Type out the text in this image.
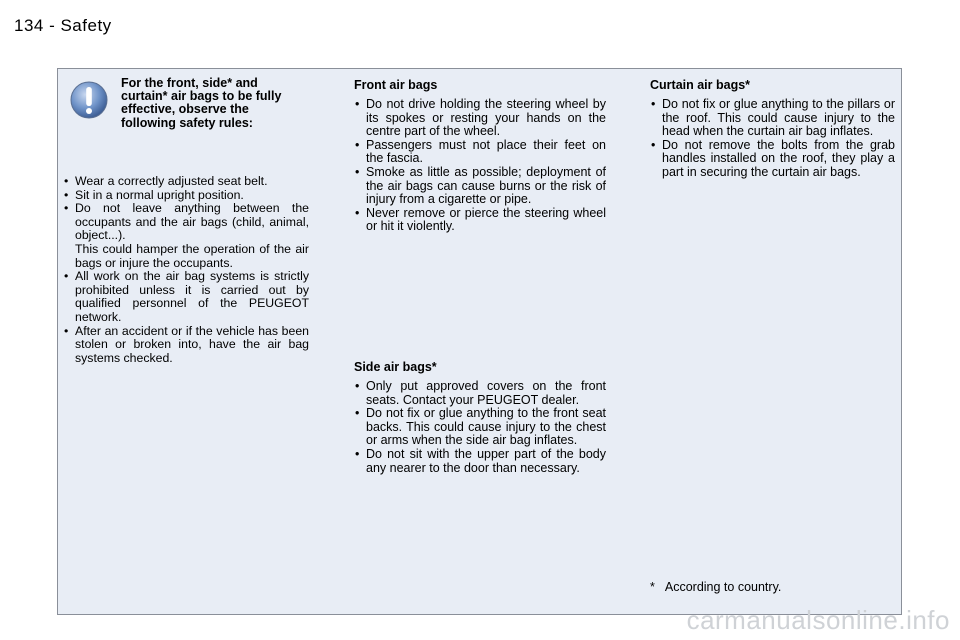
134 - Safety
For the front, side* and curtain* air bags to be fully effective, observe the following safety rules:
• Wear a correctly adjusted seat belt.
• Sit in a normal upright position.
• Do not leave anything between the occupants and the air bags (child, animal, object...).
This could hamper the operation of the air bags or injure the occupants.
• All work on the air bag systems is strictly prohibited unless it is carried out by qualified personnel of the PEUGEOT network.
• After an accident or if the vehicle has been stolen or broken into, have the air bag systems checked.
Front air bags
• Do not drive holding the steering wheel by its spokes or resting your hands on the centre part of the wheel.
• Passengers must not place their feet on the fascia.
• Smoke as little as possible; deployment of the air bags can cause burns or the risk of injury from a cigarette or pipe.
• Never remove or pierce the steering wheel or hit it violently.
Side air bags*
• Only put approved covers on the front seats. Contact your PEUGEOT dealer.
• Do not fix or glue anything to the front seat backs. This could cause injury to the chest or arms when the side air bag inflates.
• Do not sit with the upper part of the body any nearer to the door than necessary.
Curtain air bags*
• Do not fix or glue anything to the pillars or the roof. This could cause injury to the head when the curtain air bag inflates.
• Do not remove the bolts from the grab handles installed on the roof, they play a part in securing the curtain air bags.
* According to country.
carmanualsonline.info
